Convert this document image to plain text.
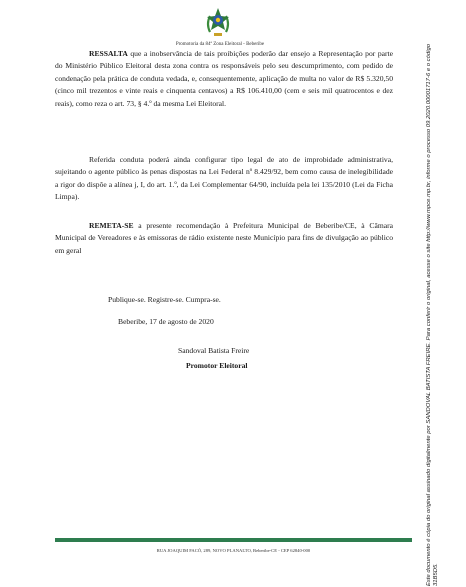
Promotoria da 84ª Zona Eleitoral - Beberibe

RESSALTA que a inobservância de tais proibições poderão dar ensejo a Representação por parte do Ministério Público Eleitoral desta zona contra os responsáveis pelo seu descumprimento, com pedido de condenação pela prática de conduta vedada, e, consequentemente, aplicação de multa no valor de R$ 5.320,50 (cinco mil trezentos e vinte reais e cinquenta centavos) a R$ 106.410,00 (cem e seis mil quatrocentos e dez reais), como reza o art. 73, § 4.º da mesma Lei Eleitoral.

Referida conduta poderá ainda configurar tipo legal de ato de improbidade administrativa, sujeitando o agente público às penas dispostas na Lei Federal nº 8.429/92, bem como causa de inelegibilidade a rigor do dispõe a alínea j, I, do art. 1.º, da Lei Complementar 64/90, incluída pela lei 135/2010 (Lei da Ficha Limpa).

REMETA-SE a presente recomendação à Prefeitura Municipal de Beberibe/CE, à Câmara Municipal de Vereadores e às emissoras de rádio existente neste Município para fins de divulgação ao público em geral

Publique-se. Registre-se. Cumpra-se.
Beberibe, 17 de agosto de 2020
Sandoval Batista Freire
Promotor Eleitoral
RUA JOAQUIM FACÓ, 289, NOVO PLANALTO, Beberibe-CE - CEP 62840-000	Este documento é cópia do original assinado digitalmente por SANDOVAL BATISTA FREIRE. Para conferir o original, acesse o site http://www.mpce.mp.br, informe o processo 09.2020.00001717-6 e o código 31B5D5.
